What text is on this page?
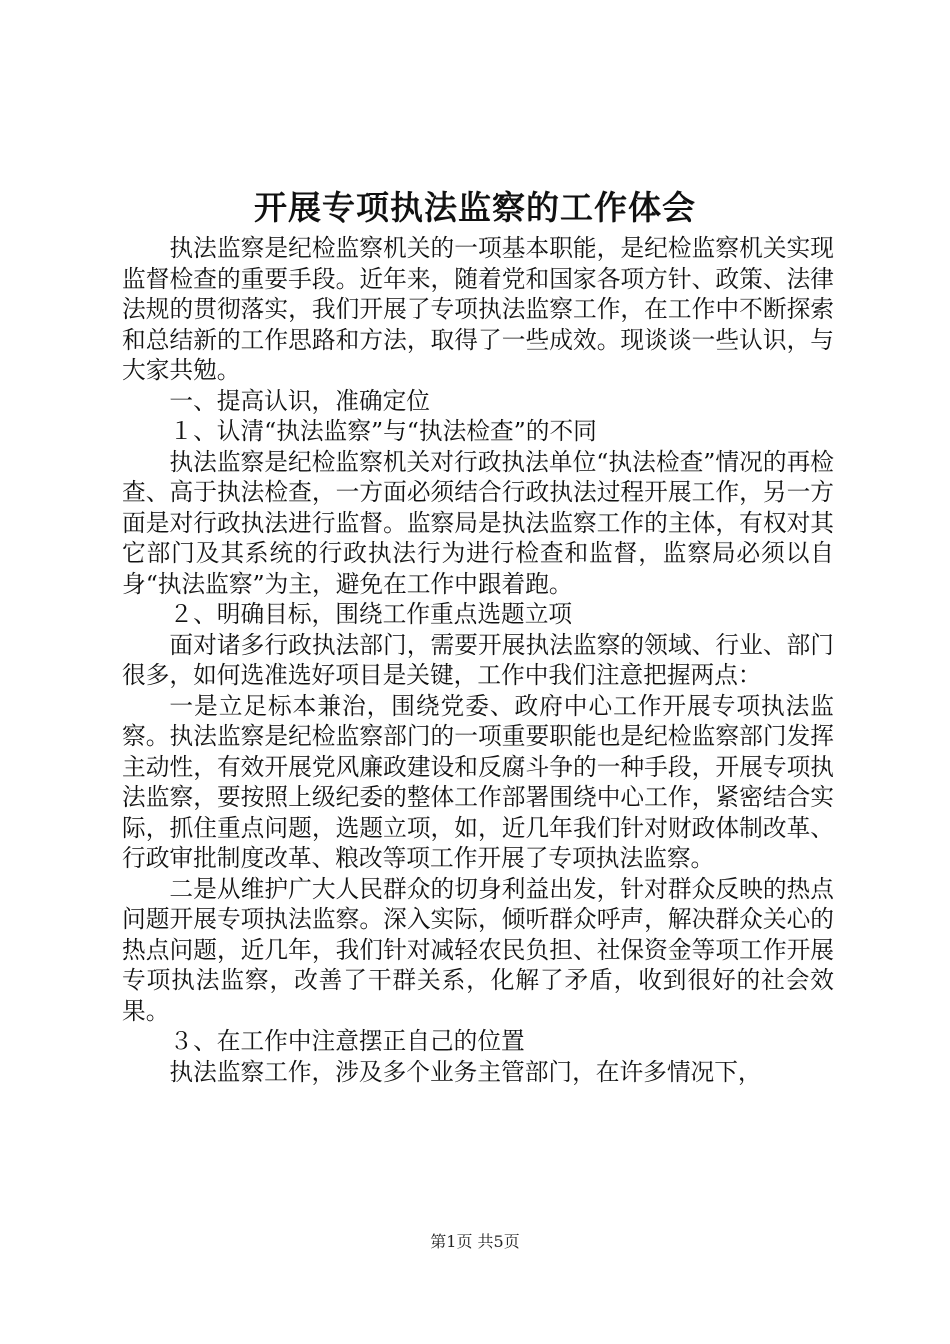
开展专项执法监察的工作体会

执法监察是纪检监察机关的一项基本职能，是纪检监察机关实现监督检查的重要手段。近年来，随着党和国家各项方针、政策、法律法规的贯彻落实，我们开展了专项执法监察工作，在工作中不断探索和总结新的工作思路和方法，取得了一些成效。现谈谈一些认识，与大家共勉。

一、提高认识，准确定位

１、认清“执法监察”与“执法检查”的不同

执法监察是纪检监察机关对行政执法单位“执法检查”情况的再检查、高于执法检查，一方面必须结合行政执法过程开展工作，另一方面是对行政执法进行监督。监察局是执法监察工作的主体，有权对其它部门及其系统的行政执法行为进行检查和监督，监察局必须以自身“执法监察”为主，避免在工作中跟着跑。

２、明确目标，围绕工作重点选题立项

面对诸多行政执法部门，需要开展执法监察的领域、行业、部门很多，如何选准选好项目是关键，工作中我们注意把握两点：

一是立足标本兼治，围绕党委、政府中心工作开展专项执法监察。执法监察是纪检监察部门的一项重要职能也是纪检监察部门发挥主动性，有效开展党风廉政建设和反腐斗争的一种手段，开展专项执法监察，要按照上级纪委的整体工作部署围绕中心工作，紧密结合实际，抓住重点问题，选题立项，如，近几年我们针对财政体制改革、行政审批制度改革、粮改等项工作开展了专项执法监察。

二是从维护广大人民群众的切身利益出发，针对群众反映的热点问题开展专项执法监察。深入实际，倾听群众呼声，解决群众关心的热点问题，近几年，我们针对减轻农民负担、社保资金等项工作开展专项执法监察，改善了干群关系，化解了矛盾，收到很好的社会效果。

３、在工作中注意摆正自己的位置

执法监察工作，涉及多个业务主管部门，在许多情况下，

第1页 共5页
